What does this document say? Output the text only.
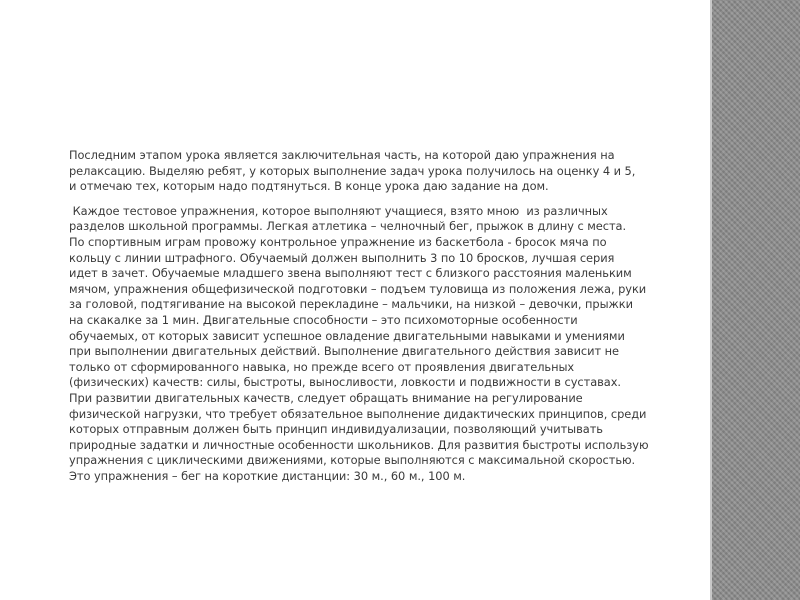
Последним этапом урока является заключительная часть, на которой даю упражнения на
релаксацию. Выделяю ребят, у которых выполнение задач урока получилось на оценку 4 и 5,
и отмечаю тех, которым надо подтянуться. В конце урока даю задание на дом.

Каждое тестовое упражнения, которое выполняют учащиеся, взято мною  из различных
разделов школьной программы. Легкая атлетика – челночный бег, прыжок в длину с места.
По спортивным играм провожу контрольное упражнение из баскетбола - бросок мяча по
кольцу с линии штрафного. Обучаемый должен выполнить 3 по 10 бросков, лучшая серия
идет в зачет. Обучаемые младшего звена выполняют тест с близкого расстояния маленьким
мячом, упражнения общефизической подготовки – подъем туловища из положения лежа, руки
за головой, подтягивание на высокой перекладине – мальчики, на низкой – девочки, прыжки
на скакалке за 1 мин. Двигательные способности – это психомоторные особенности
обучаемых, от которых зависит успешное овладение двигательными навыками и умениями
при выполнении двигательных действий. Выполнение двигательного действия зависит не
только от сформированного навыка, но прежде всего от проявления двигательных
(физических) качеств: силы, быстроты, выносливости, ловкости и подвижности в суставах.
При развитии двигательных качеств, следует обращать внимание на регулирование
физической нагрузки, что требует обязательное выполнение дидактических принципов, среди
которых отправным должен быть принцип индивидуализации, позволяющий учитывать
природные задатки и личностные особенности школьников. Для развития быстроты использую
упражнения с циклическими движениями, которые выполняются с максимальной скоростью.
Это упражнения – бег на короткие дистанции: 30 м., 60 м., 100 м.
